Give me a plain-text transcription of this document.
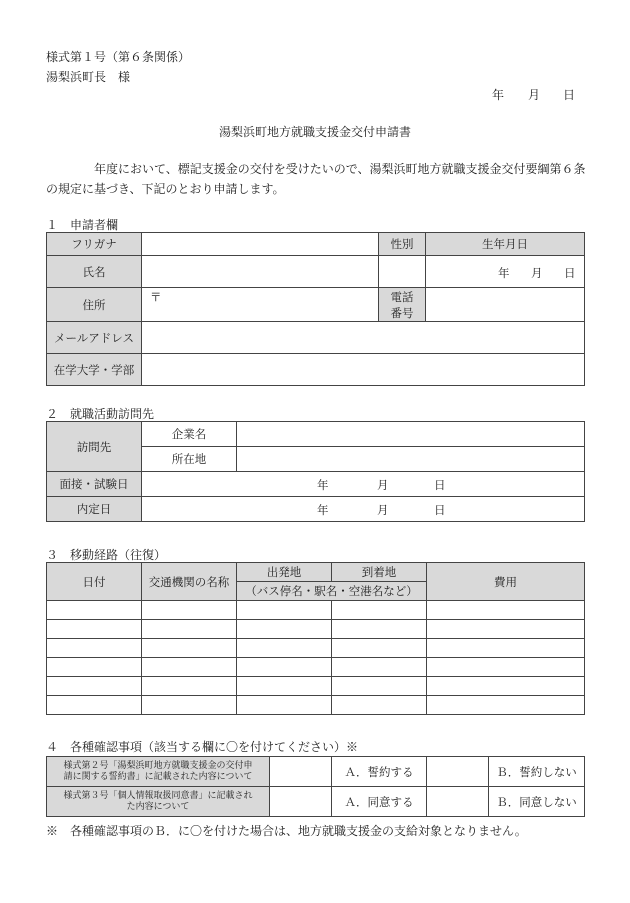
様式第１号（第６条関係）
湯梨浜町長　様
年 月 日
湯梨浜町地方就職支援金交付申請書
年度において、標記支援金の交付を受けたいので、湯梨浜町地方就職支援金交付要綱第６条
の規定に基づき、下記のとおり申請します。
１　申請者欄
フリガナ		性別	生年月日
氏名			年 月 日

住所	〒	電話
番号	
メールアドレス			
在学大学・学部			
２　就職活動訪問先
訪問先	企業名	
	所在地	
面接・試験日	年 月 日	

内定日	年 月 日	
３　移動経路（往復）
日付	交通機関の名称	出発地	到着地	費用
		（バス停名・駅名・空港名など）		

４　各種確認事項（該当する欄に〇を付けてください）※
様式第２号「湯梨浜町地方就職支援金の交付申
請に関する誓約書」に記載された内容について		Ａ．誓約する		Ｂ．誓約しない
様式第３号「個人情報取扱同意書」に記載され
た内容について		Ａ．同意する		Ｂ．同意しない
※　各種確認事項のＢ．に〇を付けた場合は、地方就職支援金の支給対象となりません。
